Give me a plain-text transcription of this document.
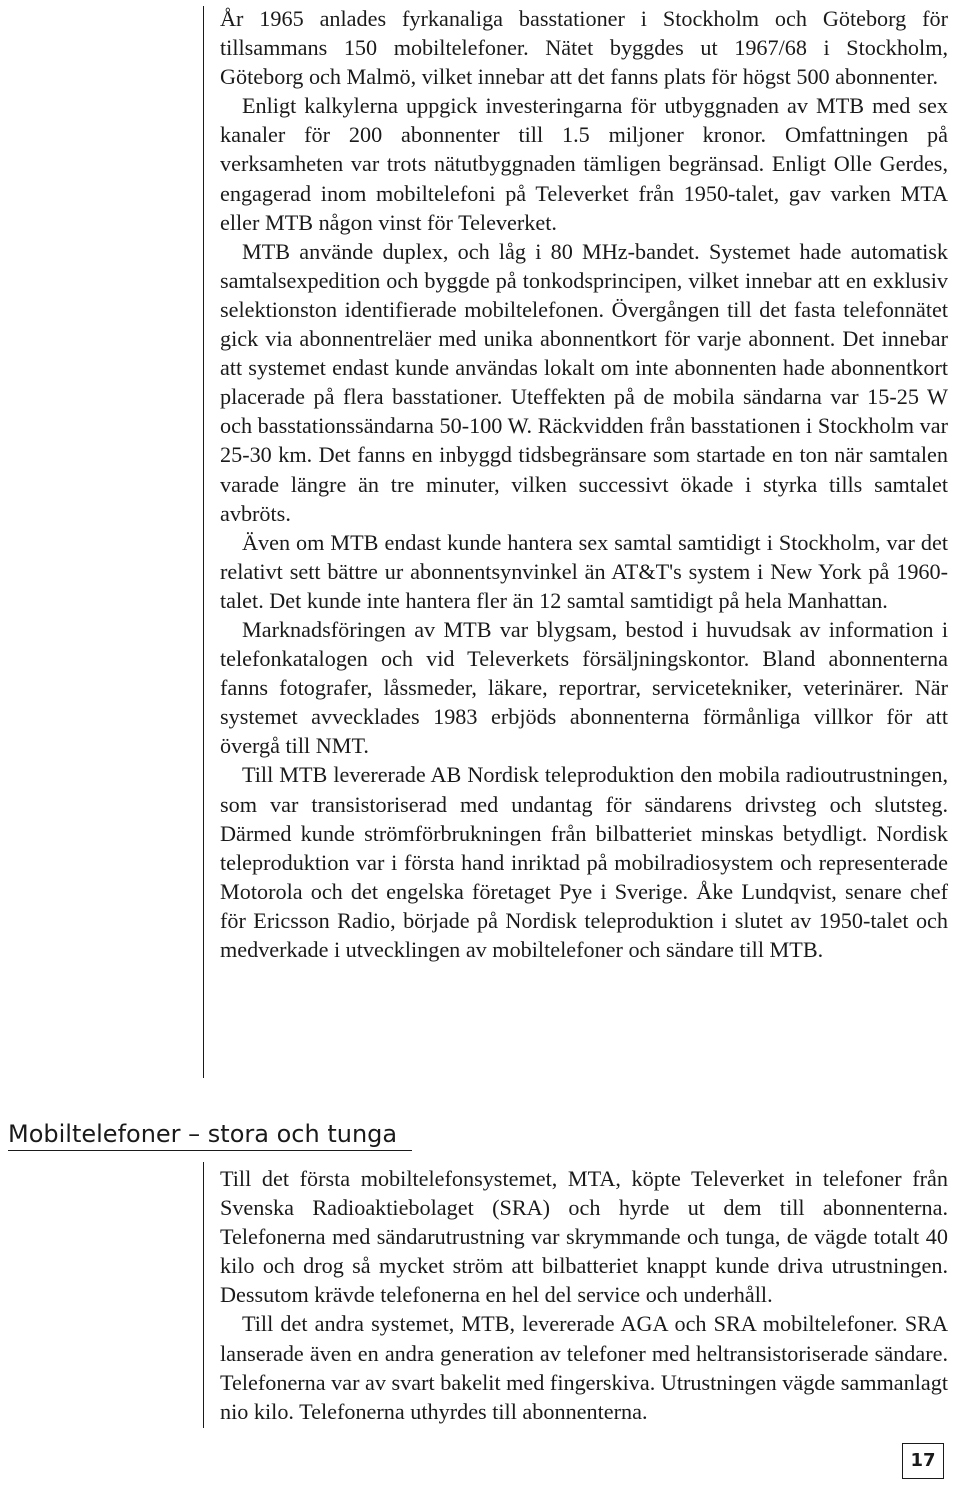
År 1965 anlades fyrkanaliga basstationer i Stockholm och Göteborg för tillsammans 150 mobiltelefoner. Nätet byggdes ut 1967/68 i Stockholm, Göteborg och Malmö, vilket innebar att det fanns plats för högst 500 abonnenter.

Enligt kalkylerna uppgick investeringarna för utbyggnaden av MTB med sex kanaler för 200 abonnenter till 1.5 miljoner kronor. Omfattningen på verksamheten var trots nätutbyggnaden tämligen begränsad. Enligt Olle Gerdes, engagerad inom mobiltelefoni på Televerket från 1950-talet, gav varken MTA eller MTB någon vinst för Televerket.

MTB använde duplex, och låg i 80 MHz-bandet. Systemet hade automatisk samtalsexpedition och byggde på tonkodsprincipen, vilket innebar att en exklusiv selektionston identifierade mobiltelefonen. Övergången till det fasta telefonnätet gick via abonnentreläer med unika abonnentkort för varje abonnent. Det innebar att systemet endast kunde användas lokalt om inte abonnenten hade abonnentkort placerade på flera basstationer. Uteffekten på de mobila sändarna var 15-25 W och basstationssändarna 50-100 W. Räckvidden från basstationen i Stockholm var 25-30 km. Det fanns en inbyggd tidsbegränsare som startade en ton när samtalen varade längre än tre minuter, vilken successivt ökade i styrka tills samtalet avbröts.

Även om MTB endast kunde hantera sex samtal samtidigt i Stockholm, var det relativt sett bättre ur abonnentsynvinkel än AT&T's system i New York på 1960-talet. Det kunde inte hantera fler än 12 samtal samtidigt på hela Manhattan.

Marknadsföringen av MTB var blygsam, bestod i huvudsak av information i telefonkatalogen och vid Televerkets försäljningskontor. Bland abonnenterna fanns fotografer, låssmeder, läkare, reportrar, servicetekniker, veterinärer. När systemet avvecklades 1983 erbjöds abonnenterna förmånliga villkor för att övergå till NMT.

Till MTB levererade AB Nordisk teleproduktion den mobila radioutrustningen, som var transistoriserad med undantag för sändarens drivsteg och slutsteg. Därmed kunde strömförbrukningen från bilbatteriet minskas betydligt. Nordisk teleproduktion var i första hand inriktad på mobilradiosystem och representerade Motorola och det engelska företaget Pye i Sverige. Åke Lundqvist, senare chef för Ericsson Radio, började på Nordisk teleproduktion i slutet av 1950-talet och medverkade i utvecklingen av mobiltelefoner och sändare till MTB.

Mobiltelefoner – stora och tunga

Till det första mobiltelefonsystemet, MTA, köpte Televerket in telefoner från Svenska Radioaktiebolaget (SRA) och hyrde ut dem till abonnenterna. Telefonerna med sändarutrustning var skrymmande och tunga, de vägde totalt 40 kilo och drog så mycket ström att bilbatteriet knappt kunde driva utrustningen. Dessutom krävde telefonerna en hel del service och underhåll.

Till det andra systemet, MTB, levererade AGA och SRA mobiltelefoner. SRA lanserade även en andra generation av telefoner med heltransistoriserade sändare. Telefonerna var av svart bakelit med fingerskiva. Utrustningen vägde sammanlagt nio kilo. Telefonerna uthyrdes till abonnenterna.

17
